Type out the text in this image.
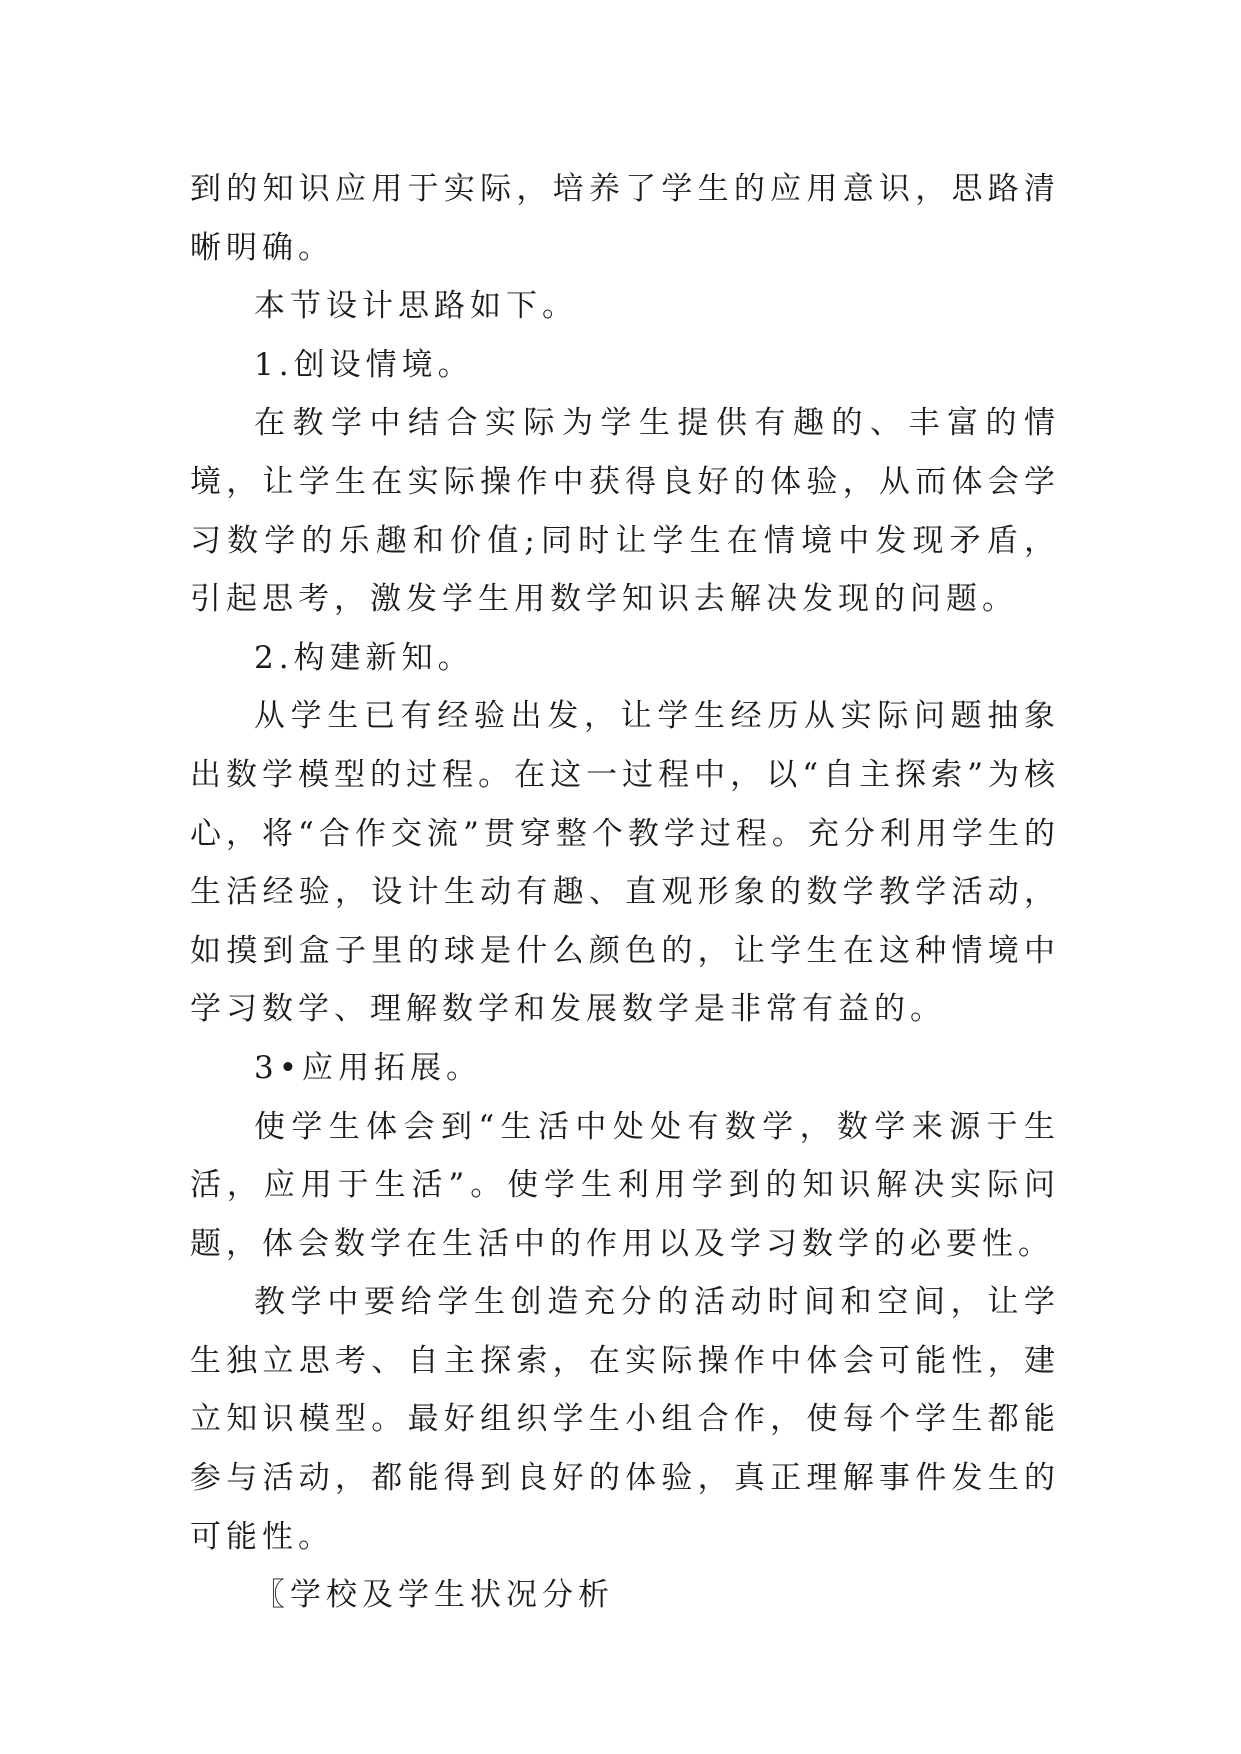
到的知识应用于实际，培养了学生的应用意识，思路清晰明确。

本节设计思路如下。

1.创设情境。

在教学中结合实际为学生提供有趣的、丰富的情境，让学生在实际操作中获得良好的体验，从而体会学习数学的乐趣和价值;同时让学生在情境中发现矛盾，引起思考，激发学生用数学知识去解决发现的问题。

2.构建新知。

从学生已有经验出发，让学生经历从实际问题抽象出数学模型的过程。在这一过程中，以“自主探索”为核心，将“合作交流”贯穿整个教学过程。充分利用学生的生活经验，设计生动有趣、直观形象的数学教学活动，如摸到盒子里的球是什么颜色的，让学生在这种情境中学习数学、理解数学和发展数学是非常有益的。

3•应用拓展。

使学生体会到“生活中处处有数学，数学来源于生活，应用于生活”。使学生利用学到的知识解决实际问题，体会数学在生活中的作用以及学习数学的必要性。

教学中要给学生创造充分的活动时间和空间，让学生独立思考、自主探索，在实际操作中体会可能性，建立知识模型。最好组织学生小组合作，使每个学生都能参与活动，都能得到良好的体验，真正理解事件发生的可能性。

〖学校及学生状况分析
